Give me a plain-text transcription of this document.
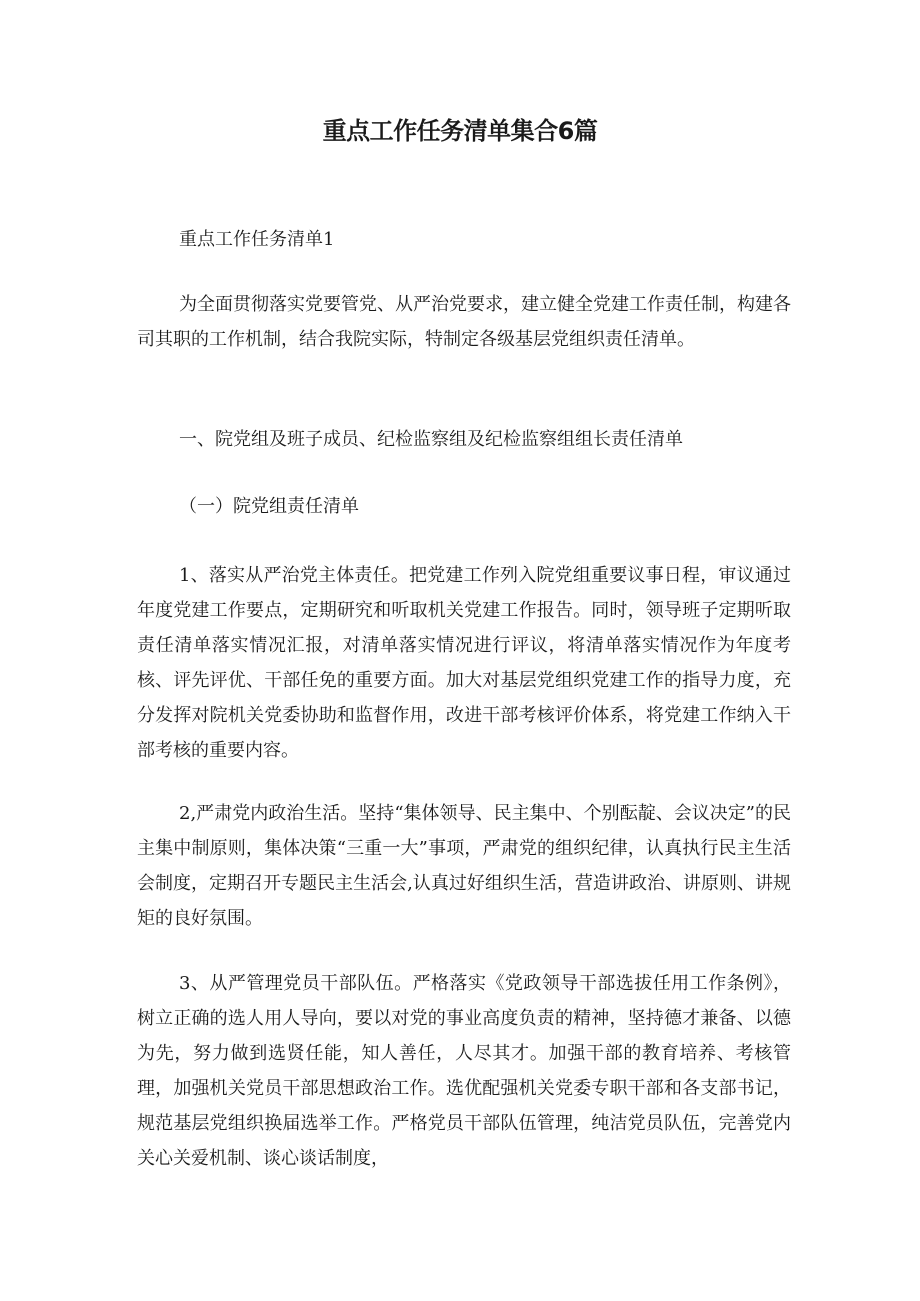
重点工作任务清单集合6篇
重点工作任务清单1
为全面贯彻落实党要管党、从严治党要求，建立健全党建工作责任制，构建各司其职的工作机制，结合我院实际，特制定各级基层党组织责任清单。
一、院党组及班子成员、纪检监察组及纪检监察组组长责任清单
（一）院党组责任清单
1、落实从严治党主体责任。把党建工作列入院党组重要议事日程，审议通过年度党建工作要点，定期研究和听取机关党建工作报告。同时，领导班子定期听取责任清单落实情况汇报，对清单落实情况进行评议，将清单落实情况作为年度考核、评先评优、干部任免的重要方面。加大对基层党组织党建工作的指导力度，充分发挥对院机关党委协助和监督作用，改进干部考核评价体系，将党建工作纳入干部考核的重要内容。
2,严肃党内政治生活。坚持“集体领导、民主集中、个别酝靛、会议决定”的民主集中制原则，集体决策“三重一大”事项，严肃党的组织纪律，认真执行民主生活会制度，定期召开专题民主生活会,认真过好组织生活，营造讲政治、讲原则、讲规矩的良好氛围。
3、从严管理党员干部队伍。严格落实《党政领导干部选拔任用工作条例》，树立正确的选人用人导向，要以对党的事业高度负责的精神，坚持德才兼备、以德为先，努力做到选贤任能，知人善任，人尽其才。加强干部的教育培养、考核管理，加强机关党员干部思想政治工作。选优配强机关党委专职干部和各支部书记，规范基层党组织换届选举工作。严格党员干部队伍管理，纯洁党员队伍，完善党内关心关爱机制、谈心谈话制度，
